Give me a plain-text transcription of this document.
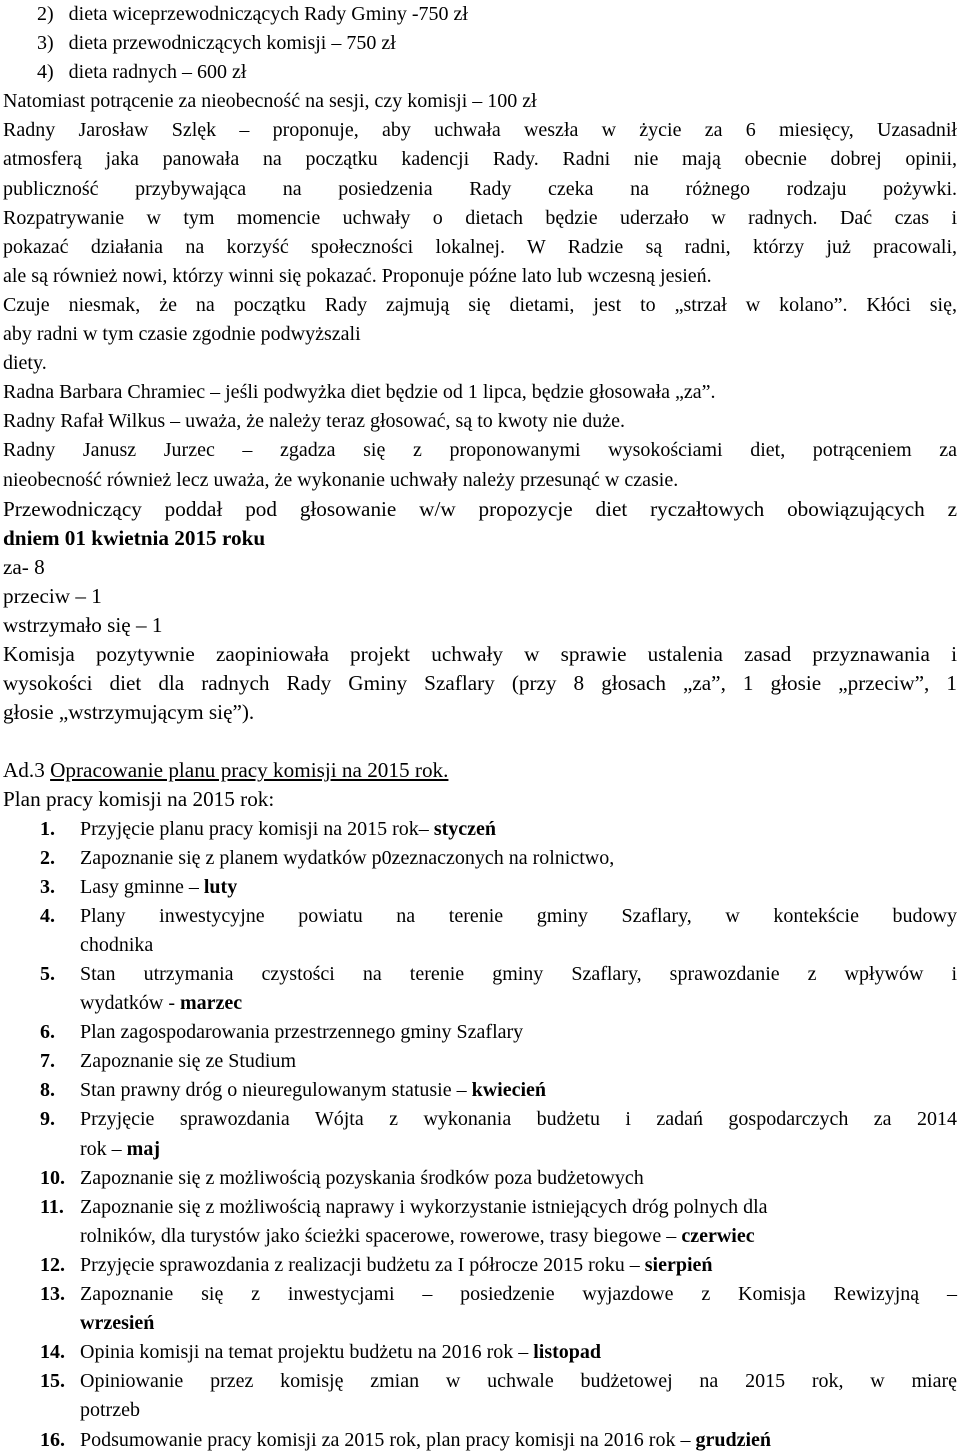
2) dieta wiceprzewodniczących Rady Gminy -750 zł
3) dieta przewodniczących komisji – 750 zł
4) dieta radnych – 600 zł
Natomiast potrącenie za nieobecność na sesji, czy komisji – 100 zł
Radny Jarosław Szlęk – proponuje, aby uchwała weszła w życie za 6 miesięcy, Uzasadnił
atmosferą jaka panowała na początku kadencji Rady. Radni nie mają obecnie dobrej opinii,
publiczność przybywająca na posiedzenia Rady czeka na różnego rodzaju pożywki.
Rozpatrywanie w tym momencie uchwały o dietach będzie uderzało w radnych. Dać czas i
pokazać działania na korzyść społeczności lokalnej. W Radzie są radni, którzy już pracowali,
ale są również nowi, którzy winni się pokazać. Proponuje późne lato lub wczesną jesień.
Czuje niesmak, że na początku Rady zajmują się dietami, jest to „strzał w kolano”. Kłóci się,
aby radni w tym czasie zgodnie podwyższali
diety.
Radna Barbara Chramiec – jeśli podwyżka diet będzie od 1 lipca, będzie głosowała „za”.
Radny Rafał Wilkus – uważa, że należy teraz głosować, są to kwoty nie duże.
Radny Janusz Jurzec – zgadza się z proponowanymi wysokościami diet, potrąceniem za
nieobecność również lecz uważa, że wykonanie uchwały należy przesunąć w czasie.
Przewodniczący poddał pod głosowanie w/w propozycje diet ryczałtowych obowiązujących z
dniem 01 kwietnia 2015 roku
za- 8
przeciw – 1
wstrzymało się – 1
Komisja pozytywnie zaopiniowała projekt uchwały w sprawie ustalenia zasad przyznawania i
wysokości diet dla radnych Rady Gminy Szaflary (przy 8 głosach „za”, 1 głosie „przeciw”, 1
głosie „wstrzymującym się”).
Ad.3 Opracowanie planu pracy komisji na 2015 rok.
Plan pracy komisji na 2015 rok:
1.	Przyjęcie planu pracy komisji na 2015 rok– styczeń
2.	Zapoznanie się z planem wydatków p0zeznaczonych na rolnictwo,
3.	Lasy gminne – luty
4.	Plany inwestycyjne powiatu na terenie gminy Szaflary, w kontekście budowy
chodnika
5.	Stan utrzymania czystości na terenie gminy Szaflary, sprawozdanie z wpływów i
wydatków - marzec
6.	Plan zagospodarowania przestrzennego gminy Szaflary
7.	Zapoznanie się ze Studium
8.	Stan prawny dróg o nieuregulowanym statusie – kwiecień
9.	Przyjęcie sprawozdania Wójta z wykonania budżetu i zadań gospodarczych za 2014
rok – maj
10. Zapoznanie się z możliwością pozyskania środków poza budżetowych
11. Zapoznanie się z możliwością naprawy i wykorzystanie istniejących dróg polnych dla
rolników, dla turystów jako ścieżki spacerowe, rowerowe, trasy biegowe – czerwiec
12. Przyjęcie sprawozdania z realizacji budżetu za I półrocze 2015 roku – sierpień
13. Zapoznanie się z inwestycjami – posiedzenie wyjazdowe z Komisja Rewizyjną –
wrzesień
14. Opinia komisji na temat projektu budżetu na 2016 rok – listopad
15. Opiniowanie przez komisję zmian w uchwale budżetowej na 2015 rok, w miarę
potrzeb
16. Podsumowanie pracy komisji za 2015 rok, plan pracy komisji na 2016 rok – grudzień
